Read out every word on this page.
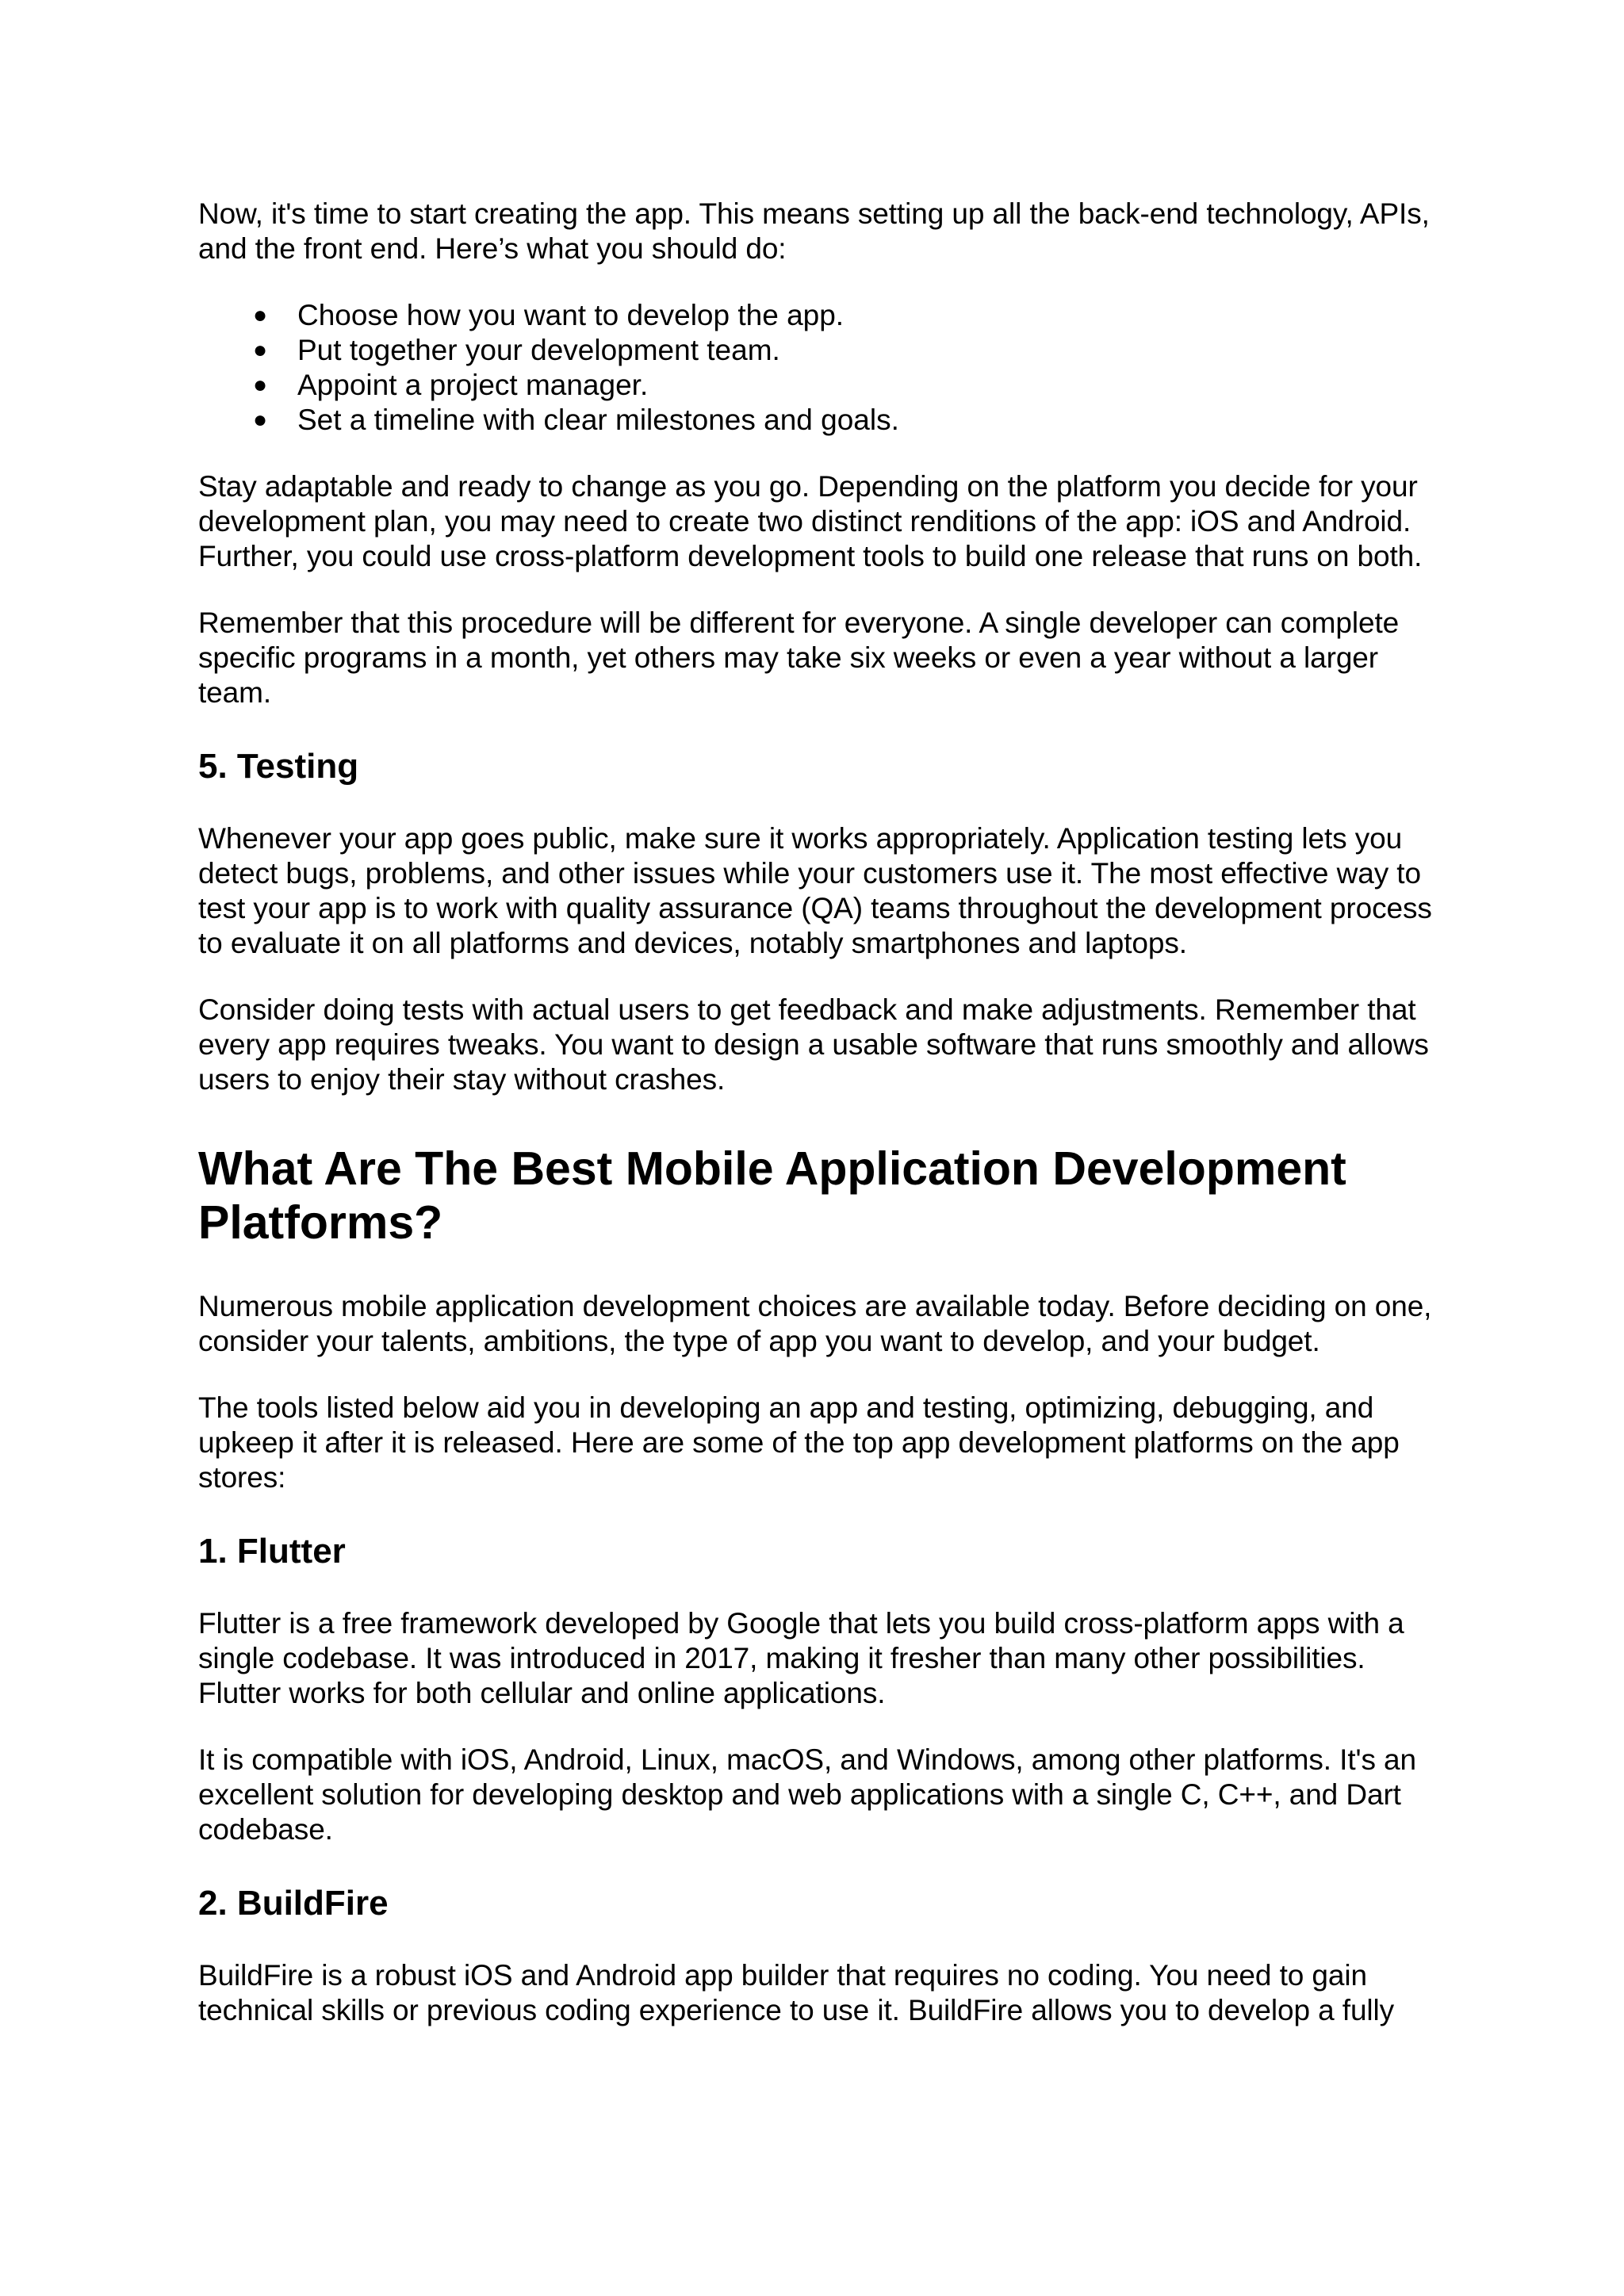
Now, it's time to start creating the app. This means setting up all the back-end technology, APIs, and the front end. Here’s what you should do:

● Choose how you want to develop the app.
● Put together your development team.
● Appoint a project manager.
● Set a timeline with clear milestones and goals.

Stay adaptable and ready to change as you go. Depending on the platform you decide for your development plan, you may need to create two distinct renditions of the app: iOS and Android. Further, you could use cross-platform development tools to build one release that runs on both.

Remember that this procedure will be different for everyone. A single developer can complete specific programs in a month, yet others may take six weeks or even a year without a larger team.

5. Testing

Whenever your app goes public, make sure it works appropriately. Application testing lets you detect bugs, problems, and other issues while your customers use it. The most effective way to test your app is to work with quality assurance (QA) teams throughout the development process to evaluate it on all platforms and devices, notably smartphones and laptops.

Consider doing tests with actual users to get feedback and make adjustments. Remember that every app requires tweaks. You want to design a usable software that runs smoothly and allows users to enjoy their stay without crashes.

What Are The Best Mobile Application Development Platforms?

Numerous mobile application development choices are available today. Before deciding on one, consider your talents, ambitions, the type of app you want to develop, and your budget.

The tools listed below aid you in developing an app and testing, optimizing, debugging, and upkeep it after it is released. Here are some of the top app development platforms on the app stores:

1. Flutter

Flutter is a free framework developed by Google that lets you build cross-platform apps with a single codebase. It was introduced in 2017, making it fresher than many other possibilities. Flutter works for both cellular and online applications.

It is compatible with iOS, Android, Linux, macOS, and Windows, among other platforms. It's an excellent solution for developing desktop and web applications with a single C, C++, and Dart codebase.

2. BuildFire

BuildFire is a robust iOS and Android app builder that requires no coding. You need to gain technical skills or previous coding experience to use it. BuildFire allows you to develop a fully
